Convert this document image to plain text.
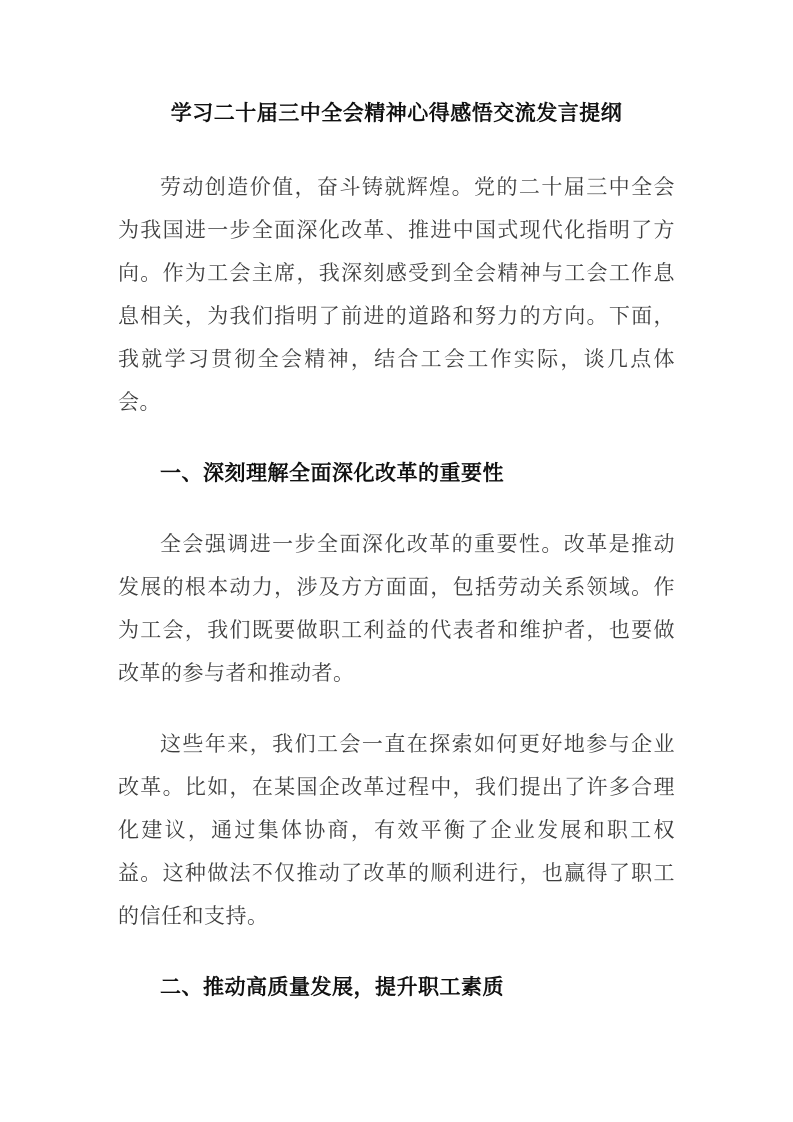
学习二十届三中全会精神心得感悟交流发言提纲

劳动创造价值，奋斗铸就辉煌。党的二十届三中全会为我国进一步全面深化改革、推进中国式现代化指明了方向。作为工会主席，我深刻感受到全会精神与工会工作息息相关，为我们指明了前进的道路和努力的方向。下面，我就学习贯彻全会精神，结合工会工作实际，谈几点体会。

一、深刻理解全面深化改革的重要性

全会强调进一步全面深化改革的重要性。改革是推动发展的根本动力，涉及方方面面，包括劳动关系领域。作为工会，我们既要做职工利益的代表者和维护者，也要做改革的参与者和推动者。

这些年来，我们工会一直在探索如何更好地参与企业改革。比如，在某国企改革过程中，我们提出了许多合理化建议，通过集体协商，有效平衡了企业发展和职工权益。这种做法不仅推动了改革的顺利进行，也赢得了职工的信任和支持。

二、推动高质量发展，提升职工素质
